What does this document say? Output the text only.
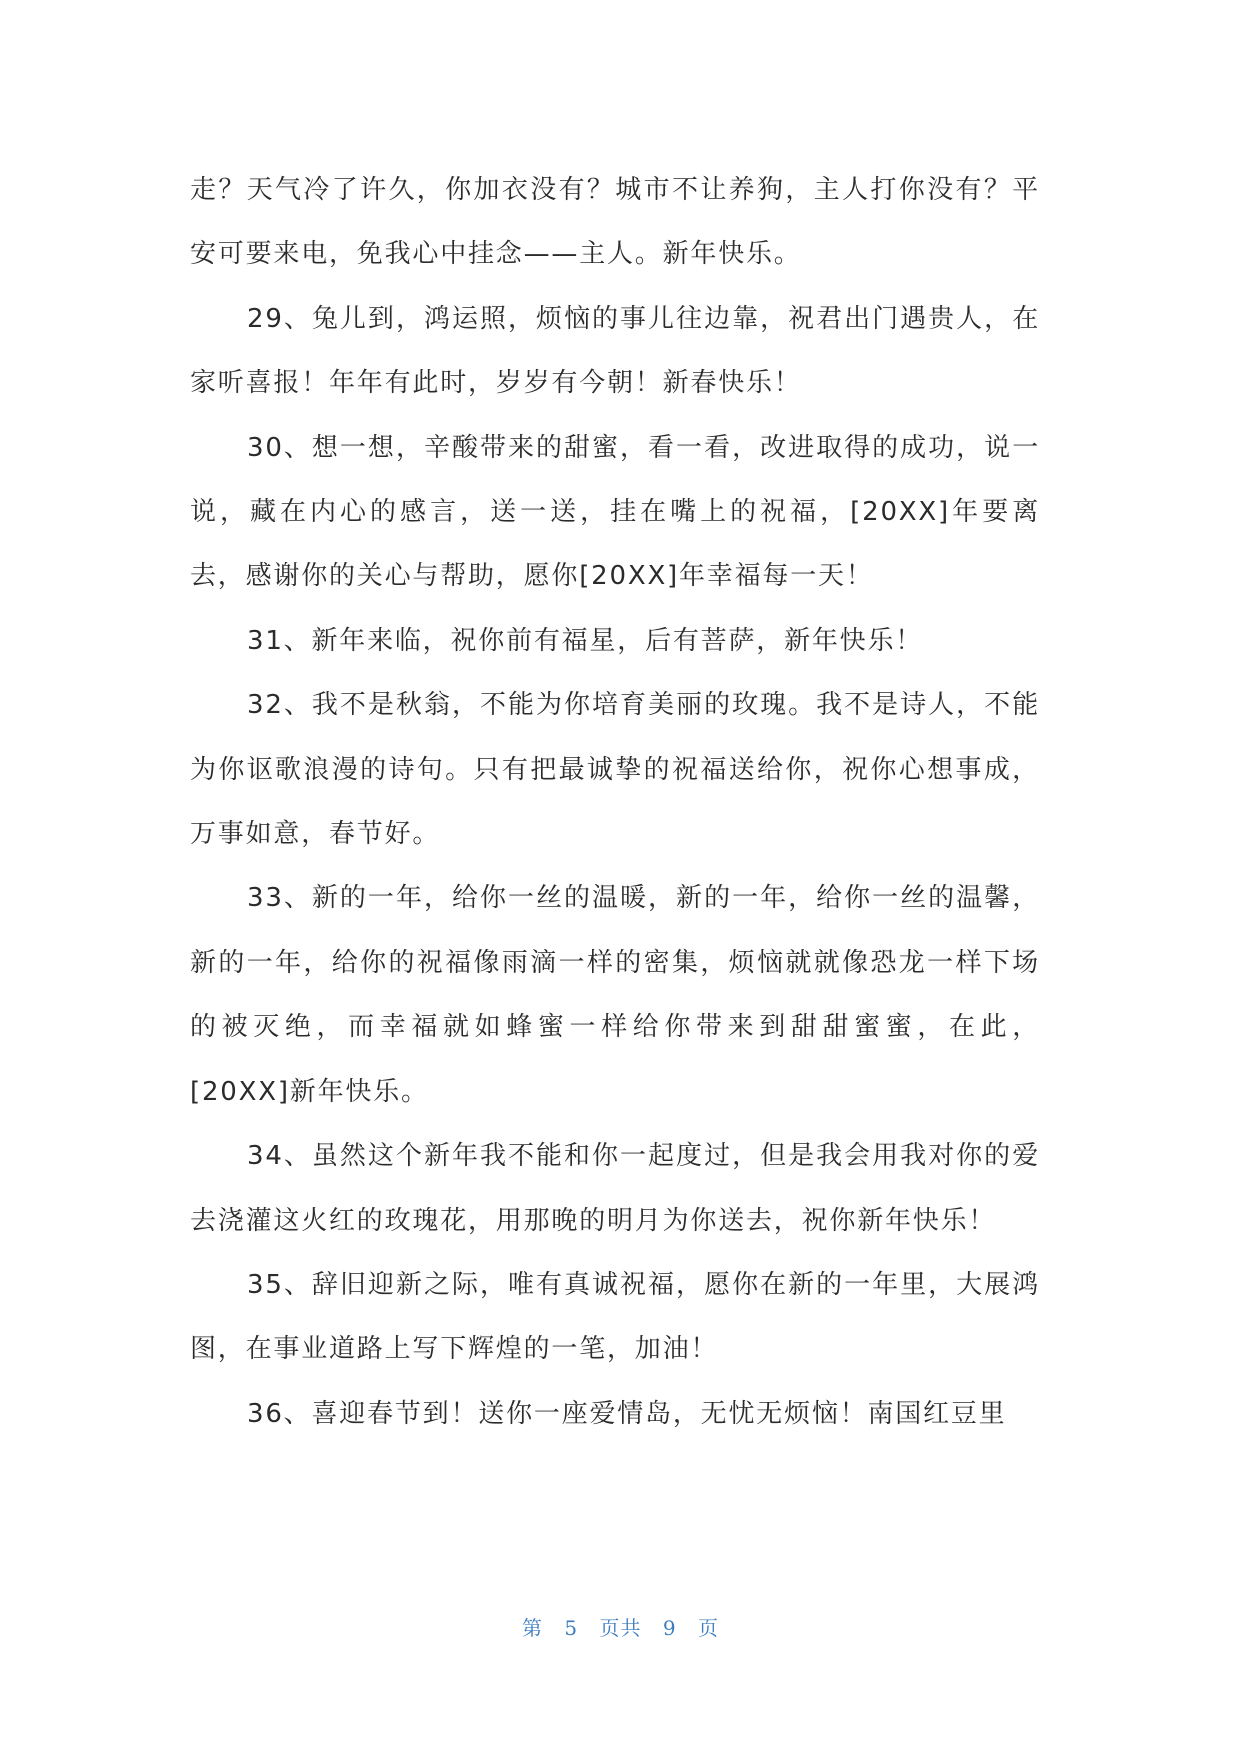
走？天气冷了许久，你加衣没有？城市不让养狗，主人打你没有？平安可要来电，免我心中挂念——主人。新年快乐。

29、兔儿到，鸿运照，烦恼的事儿往边靠，祝君出门遇贵人，在家听喜报！年年有此时，岁岁有今朝！新春快乐！

30、想一想，辛酸带来的甜蜜，看一看，改进取得的成功，说一说，藏在内心的感言，送一送，挂在嘴上的祝福，[20XX]年要离去，感谢你的关心与帮助，愿你[20XX]年幸福每一天！

31、新年来临，祝你前有福星，后有菩萨，新年快乐！

32、我不是秋翁，不能为你培育美丽的玫瑰。我不是诗人，不能为你讴歌浪漫的诗句。只有把最诚挚的祝福送给你，祝你心想事成，万事如意，春节好。

33、新的一年，给你一丝的温暖，新的一年，给你一丝的温馨，新的一年，给你的祝福像雨滴一样的密集，烦恼就就像恐龙一样下场的被灭绝，而幸福就如蜂蜜一样给你带来到甜甜蜜蜜，在此，[20XX]新年快乐。

34、虽然这个新年我不能和你一起度过，但是我会用我对你的爱去浇灌这火红的玫瑰花，用那晚的明月为你送去，祝你新年快乐！

35、辞旧迎新之际，唯有真诚祝福，愿你在新的一年里，大展鸿图，在事业道路上写下辉煌的一笔，加油！

36、喜迎春节到！送你一座爱情岛，无忧无烦恼！南国红豆里

第 5 页共 9 页
